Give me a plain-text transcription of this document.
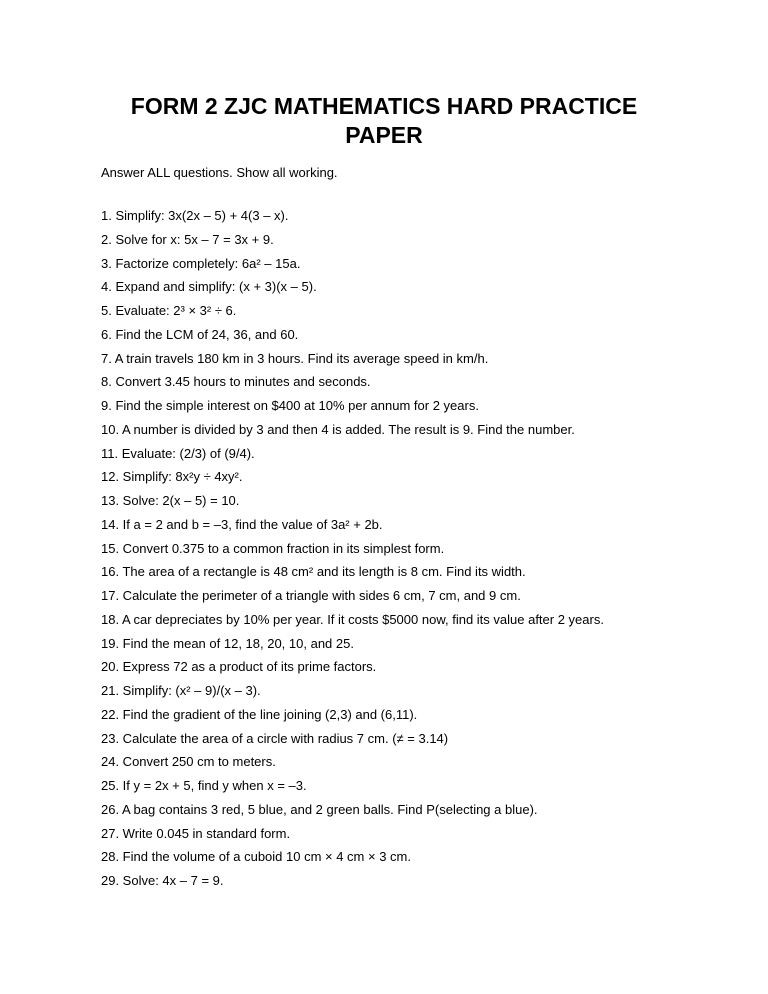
FORM 2 ZJC MATHEMATICS HARD PRACTICE
PAPER

Answer ALL questions. Show all working.

1. Simplify: 3x(2x – 5) + 4(3 – x).
2. Solve for x: 5x – 7 = 3x + 9.
3. Factorize completely: 6a² – 15a.
4. Expand and simplify: (x + 3)(x – 5).
5. Evaluate: 2³ × 3² ÷ 6.
6. Find the LCM of 24, 36, and 60.
7. A train travels 180 km in 3 hours. Find its average speed in km/h.
8. Convert 3.45 hours to minutes and seconds.
9. Find the simple interest on $400 at 10% per annum for 2 years.
10. A number is divided by 3 and then 4 is added. The result is 9. Find the number.
11. Evaluate: (2/3) of (9/4).
12. Simplify: 8x²y ÷ 4xy².
13. Solve: 2(x – 5) = 10.
14. If a = 2 and b = –3, find the value of 3a² + 2b.
15. Convert 0.375 to a common fraction in its simplest form.
16. The area of a rectangle is 48 cm² and its length is 8 cm. Find its width.
17. Calculate the perimeter of a triangle with sides 6 cm, 7 cm, and 9 cm.
18. A car depreciates by 10% per year. If it costs $5000 now, find its value after 2 years.
19. Find the mean of 12, 18, 20, 10, and 25.
20. Express 72 as a product of its prime factors.
21. Simplify: (x² – 9)/(x – 3).
22. Find the gradient of the line joining (2,3) and (6,11).
23. Calculate the area of a circle with radius 7 cm. (≠ = 3.14)
24. Convert 250 cm to meters.
25. If y = 2x + 5, find y when x = –3.
26. A bag contains 3 red, 5 blue, and 2 green balls. Find P(selecting a blue).
27. Write 0.045 in standard form.
28. Find the volume of a cuboid 10 cm × 4 cm × 3 cm.
29. Solve: 4x – 7 = 9.
